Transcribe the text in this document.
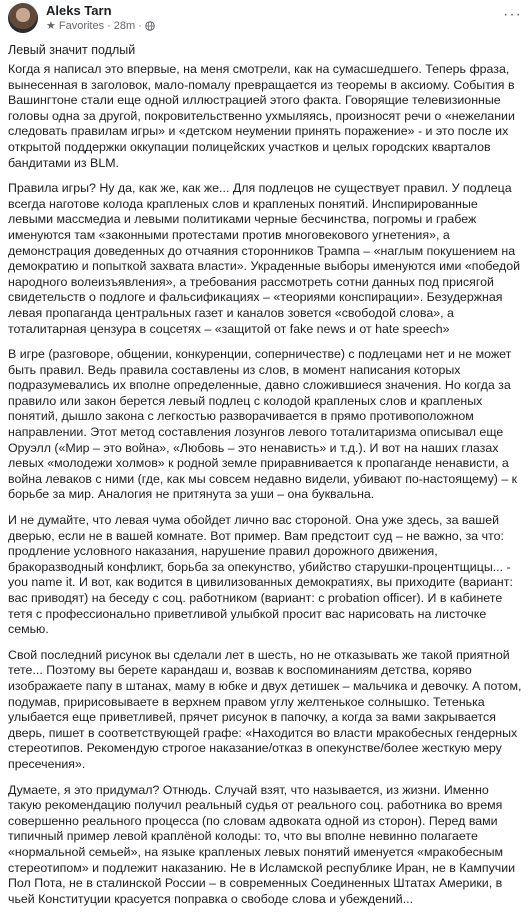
Aleks Tarn
★ Favorites · 28m ·
···
Левый значит подлый

Когда я написал это впервые, на меня смотрели, как на сумасшедшего. Теперь фраза, вынесенная в заголовок, мало-помалу превращается из теоремы в аксиому. События в Вашингтоне стали еще одной иллюстрацией этого факта. Говорящие телевизионные головы одна за другой, покровительственно ухмыляясь, произносят речи о «нежелании следовать правилам игры» и «детском неумении принять поражение» - и это после их открытой поддержки оккупации полицейских участков и целых городских кварталов бандитами из BLM.

Правила игры? Ну да, как же, как же... Для подлецов не существует правил. У подлеца всегда наготове колода крапленых слов и крапленых понятий. Инспирированные левыми массмедиа и левыми политиками черные бесчинства, погромы и грабеж именуются там «законными протестами против многовекового угнетения», а демонстрация доведенных до отчаяния сторонников Трампа – «наглым покушением на демократию и попыткой захвата власти». Украденные выборы именуются ими «победой народного волеизъявления», а требования рассмотреть сотни данных под присягой свидетельств о подлоге и фальсификациях – «теориями конспирации». Безудержная левая пропаганда центральных газет и каналов зовется «свободой слова», а тоталитарная цензура в соцсетях – «защитой от fake news и от hate speech»

В игре (разговоре, общении, конкуренции, соперничестве) с подлецами нет и не может быть правил. Ведь правила составлены из слов, в момент написания которых подразумевались их вполне определенные, давно сложившиеся значения. Но когда за правило или закон берется левый подлец с колодой крапленых слов и крапленых понятий, дышло закона с легкостью разворачивается в прямо противоположном направлении. Этот метод составления лозунгов левого тоталитаризма описывал еще Оруэлл («Мир – это война», «Любовь – это ненависть» и т.д.). И вот на наших глазах левых «молодежи холмов» к родной земле приравнивается к пропаганде ненависти, а война леваков с ними (где, как мы совсем недавно видели, убивают по-настоящему) – к борьбе за мир. Аналогия не притянута за уши – она буквальна.

И не думайте, что левая чума обойдет лично вас стороной. Она уже здесь, за вашей дверью, если не в вашей комнате. Вот пример. Вам предстоит суд – не важно, за что: продление условного наказания, нарушение правил дорожного движения, бракоразводный конфликт, борьба за опекунство, убийство старушки-процентщицы... - you name it. И вот, как водится в цивилизованных демократиях, вы приходите (вариант: вас приводят) на беседу с соц. работником (вариант: с probation officer). И в кабинете тетя с профессионально приветливой улыбкой просит вас нарисовать на листочке семью.

Свой последний рисунок вы сделали лет в шесть, но не отказывать же такой приятной тете... Поэтому вы берете карандаш и, возвав к воспоминаниям детства, коряво изображаете папу в штанах, маму в юбке и двух детишек – мальчика и девочку. А потом, подумав, пририсовываете в верхнем правом углу желтенькое солнышко. Тетенька улыбается еще приветливей, прячет рисунок в папочку, а когда за вами закрывается дверь, пишет в соответствующей графе: «Находится во власти мракобесных гендерных стереотипов. Рекомендую строгое наказание/отказ в опекунстве/более жесткую меру пресечения».

Думаете, я это придумал? Отнюдь. Случай взят, что называется, из жизни. Именно такую рекомендацию получил реальный судья от реального соц. работника во время совершенно реального процесса (по словам адвоката одной из сторон). Перед вами типичный пример левой краплёной колоды: то, что вы вполне невинно полагаете «нормальной семьей», на языке крапленых левых понятий именуется «мракобесным стереотипом» и подлежит наказанию. Не в Исламской республике Иран, не в Кампучии Пол Пота, не в сталинской России – в современных Соединенных Штатах Америки, в чьей Конституции красуется поправка о свободе слова и убеждений...
